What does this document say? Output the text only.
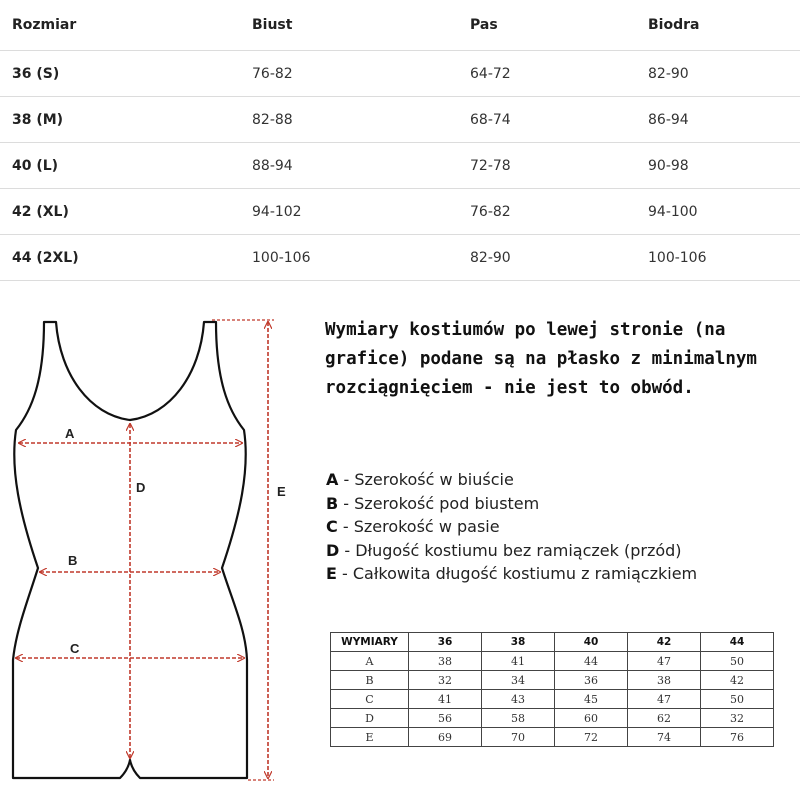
Rozmiar	Biust	Pas	Biodra
36 (S)	76-82	64-72	82-90
38 (M)	82-88	68-74	86-94
40 (L)	88-94	72-78	90-98
42 (XL)	94-102	76-82	94-100
44 (2XL)	100-106	82-90	100-106
A
B
C
D	E
Wymiary kostiumów po lewej stronie (na
grafice) podane są na płasko z minimalnym
rozciągnięciem - nie jest to obwód.
A - Szerokość w biuście
B - Szerokość pod biustem
C - Szerokość w pasie
D - Długość kostiumu bez ramiączek (przód)
E - Całkowita długość kostiumu z ramiączkiem
WYMIARY	36	38	40	42	44
A	38	41	44	47	50
B	32	34	36	38	42
C	41	43	45	47	50
D	56	58	60	62	32
E	69	70	72	74	76
